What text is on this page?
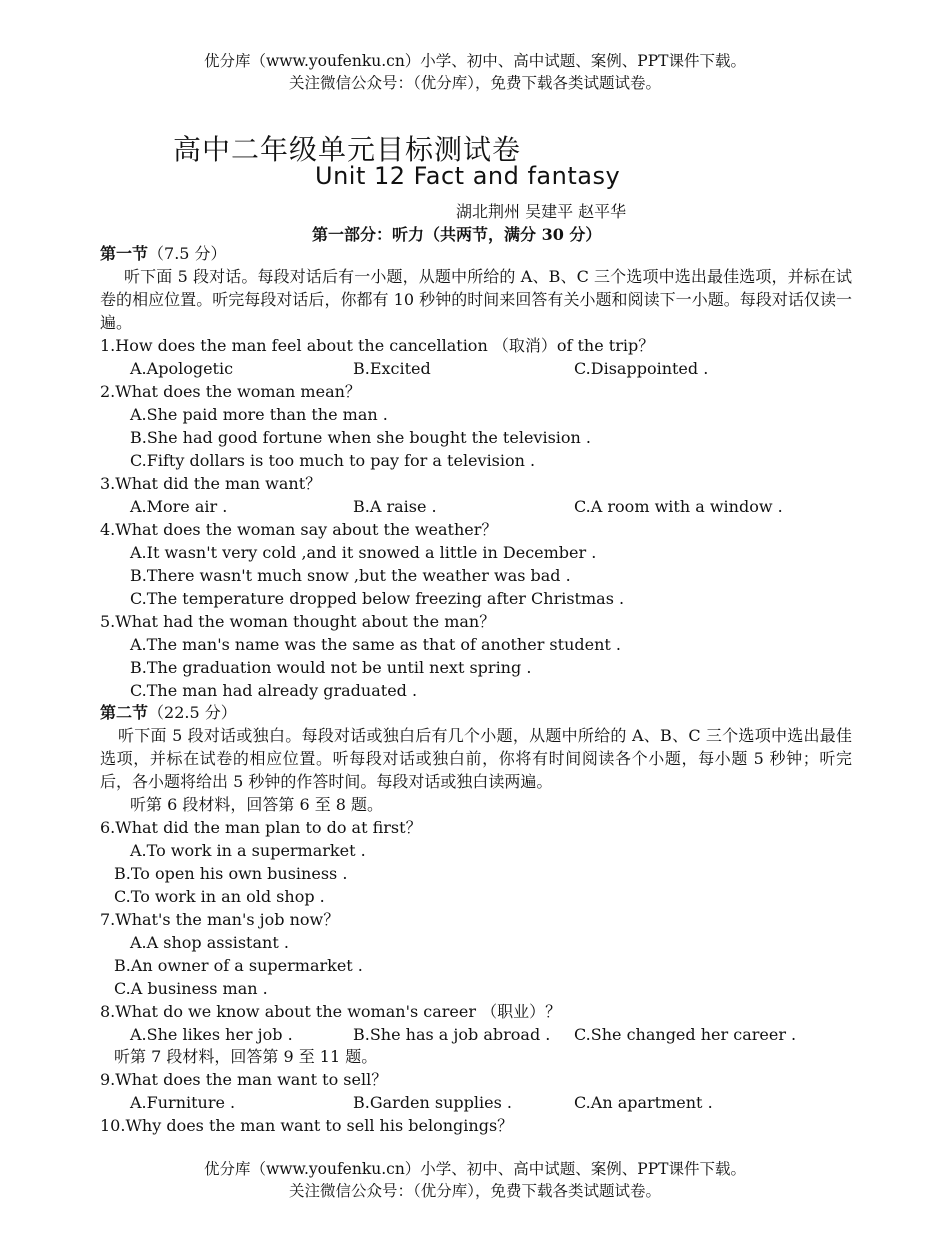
优分库（www.youfenku.cn）小学、初中、高中试题、案例、PPT课件下载。
关注微信公众号：（优分库），免费下载各类试题试卷。
高中二年级单元目标测试卷
Unit 12 Fact and fantasy
湖北荆州 吴建平 赵平华
第一部分：听力（共两节，满分 30 分）
第一节（7.5 分）
听下面 5 段对话。每段对话后有一小题，从题中所给的 A、B、C 三个选项中选出最佳选项，并标在试卷的相应位置。听完每段对话后，你都有 10 秒钟的时间来回答有关小题和阅读下一小题。每段对话仅读一遍。
1.How does the man feel about the cancellation （取消）of the trip？
A.Apologetic	B.Excited	C.Disappointed .
2.What does the woman mean？
A.She paid more than the man .
B.She had good fortune when she bought the television .
C.Fifty dollars is too much to pay for a television .
3.What did the man want？
A.More air .	B.A raise .	C.A room with a window .
4.What does the woman say about the weather？
A.It wasn't very cold ,and it snowed a little in December .
B.There wasn't much snow ,but the weather was bad .
C.The temperature dropped below freezing after Christmas .
5.What had the woman thought about the man？
A.The man's name was the same as that of another student .
B.The graduation would not be until next spring .
C.The man had already graduated .
第二节（22.5 分）
听下面 5 段对话或独白。每段对话或独白后有几个小题，从题中所给的 A、B、C 三个选项中选出最佳选项，并标在试卷的相应位置。听每段对话或独白前，你将有时间阅读各个小题，每小题 5 秒钟；听完后，各小题将给出 5 秒钟的作答时间。每段对话或独白读两遍。
听第 6 段材料，回答第 6 至 8 题。
6.What did the man plan to do at first？
A.To work in a supermarket .
B.To open his own business .
C.To work in an old shop .
7.What's the man's job now？
A.A shop assistant .
B.An owner of a supermarket .
C.A business man .
8.What do we know about the woman's career （职业）？
A.She likes her job .	B.She has a job abroad . C.She changed her career .
听第 7 段材料，回答第 9 至 11 题。
9.What does the man want to sell？
A.Furniture .	B.Garden supplies .	C.An apartment .
10.Why does the man want to sell his belongings？
优分库（www.youfenku.cn）小学、初中、高中试题、案例、PPT课件下载。
关注微信公众号：（优分库），免费下载各类试题试卷。
